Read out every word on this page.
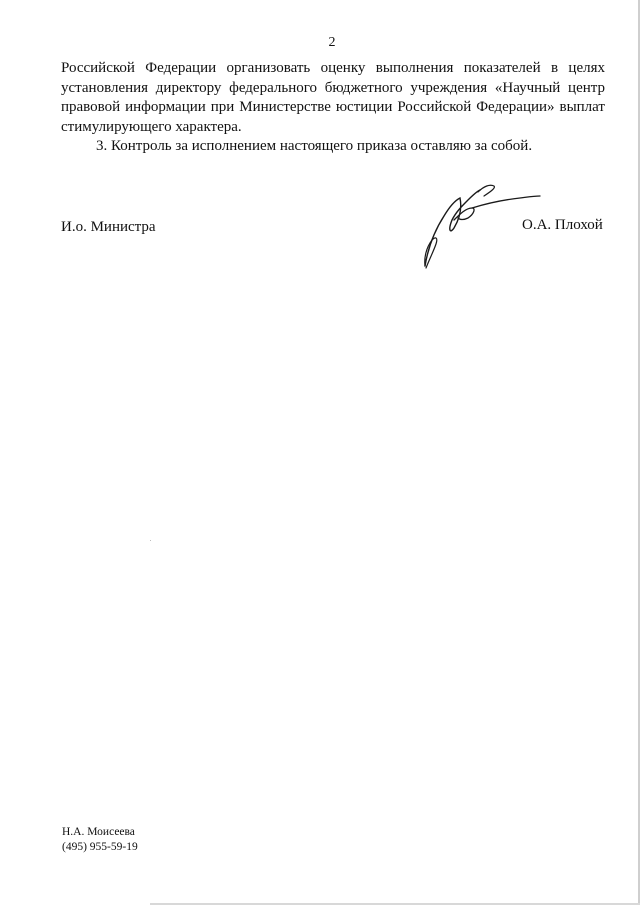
2

Российской Федерации организовать оценку выполнения показателей в целях
установления директору федерального бюджетного учреждения «Научный центр
правовой информации при Министерстве юстиции Российской Федерации» выплат
стимулирующего характера.

3. Контроль за исполнением настоящего приказа оставляю за собой.

И.о. Министра	О.А. Плохой
Н.А. Моисеева
(495) 955-59-19
